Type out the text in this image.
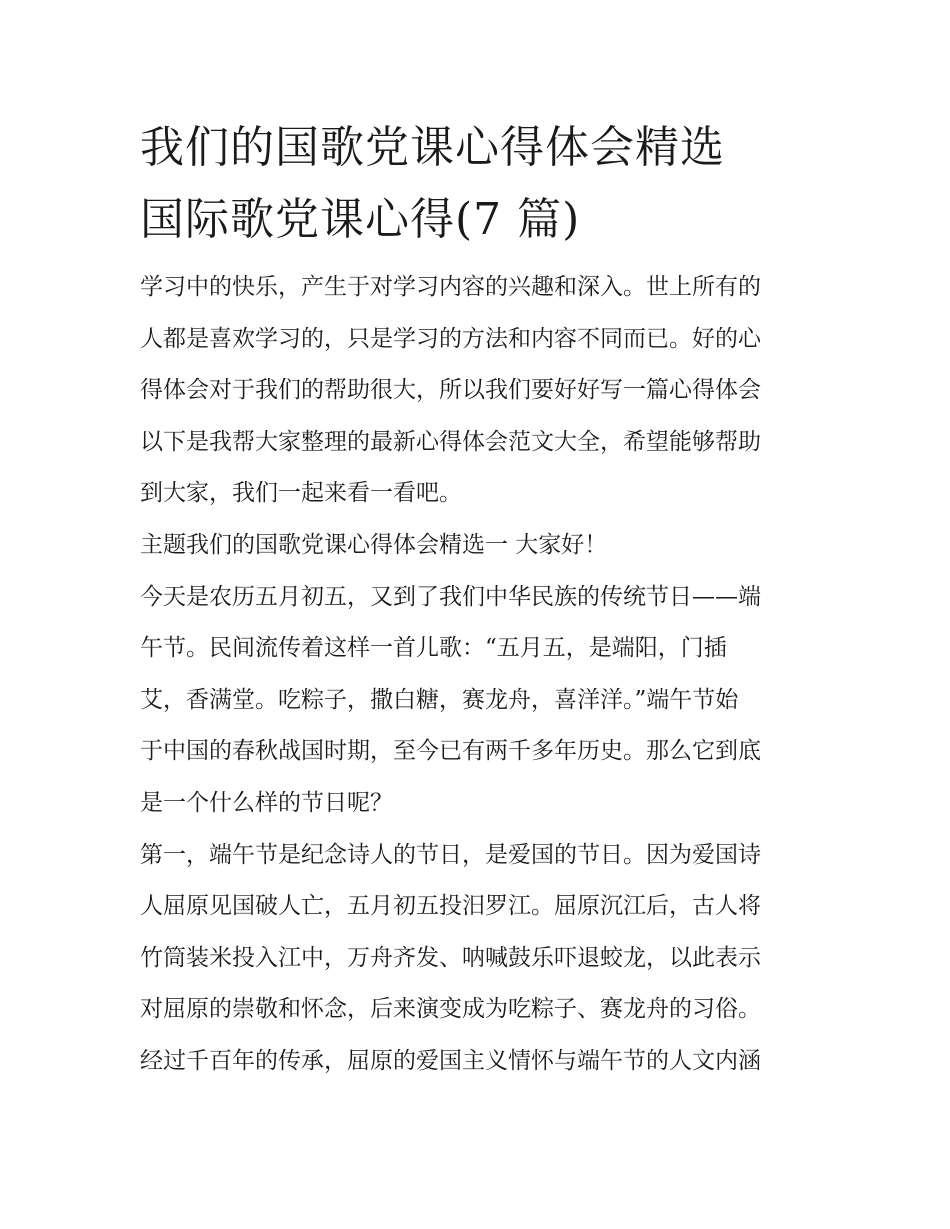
我们的国歌党课心得体会精选
国际歌党课心得(7 篇)
学习中的快乐，产生于对学习内容的兴趣和深入。世上所有的
人都是喜欢学习的，只是学习的方法和内容不同而已。好的心
得体会对于我们的帮助很大，所以我们要好好写一篇心得体会
以下是我帮大家整理的最新心得体会范文大全，希望能够帮助
到大家，我们一起来看一看吧。
主题我们的国歌党课心得体会精选一 大家好！
今天是农历五月初五，又到了我们中华民族的传统节日——端
午节。民间流传着这样一首儿歌：“五月五，是端阳，门插
艾，香满堂。吃粽子，撒白糖，赛龙舟，喜洋洋。”端午节始
于中国的春秋战国时期，至今已有两千多年历史。那么它到底
是一个什么样的节日呢？
第一，端午节是纪念诗人的节日，是爱国的节日。因为爱国诗
人屈原见国破人亡，五月初五投汨罗江。屈原沉江后，古人将
竹筒装米投入江中，万舟齐发、呐喊鼓乐吓退蛟龙，以此表示
对屈原的崇敬和怀念，后来演变成为吃粽子、赛龙舟的习俗。
经过千百年的传承，屈原的爱国主义情怀与端午节的人文内涵
